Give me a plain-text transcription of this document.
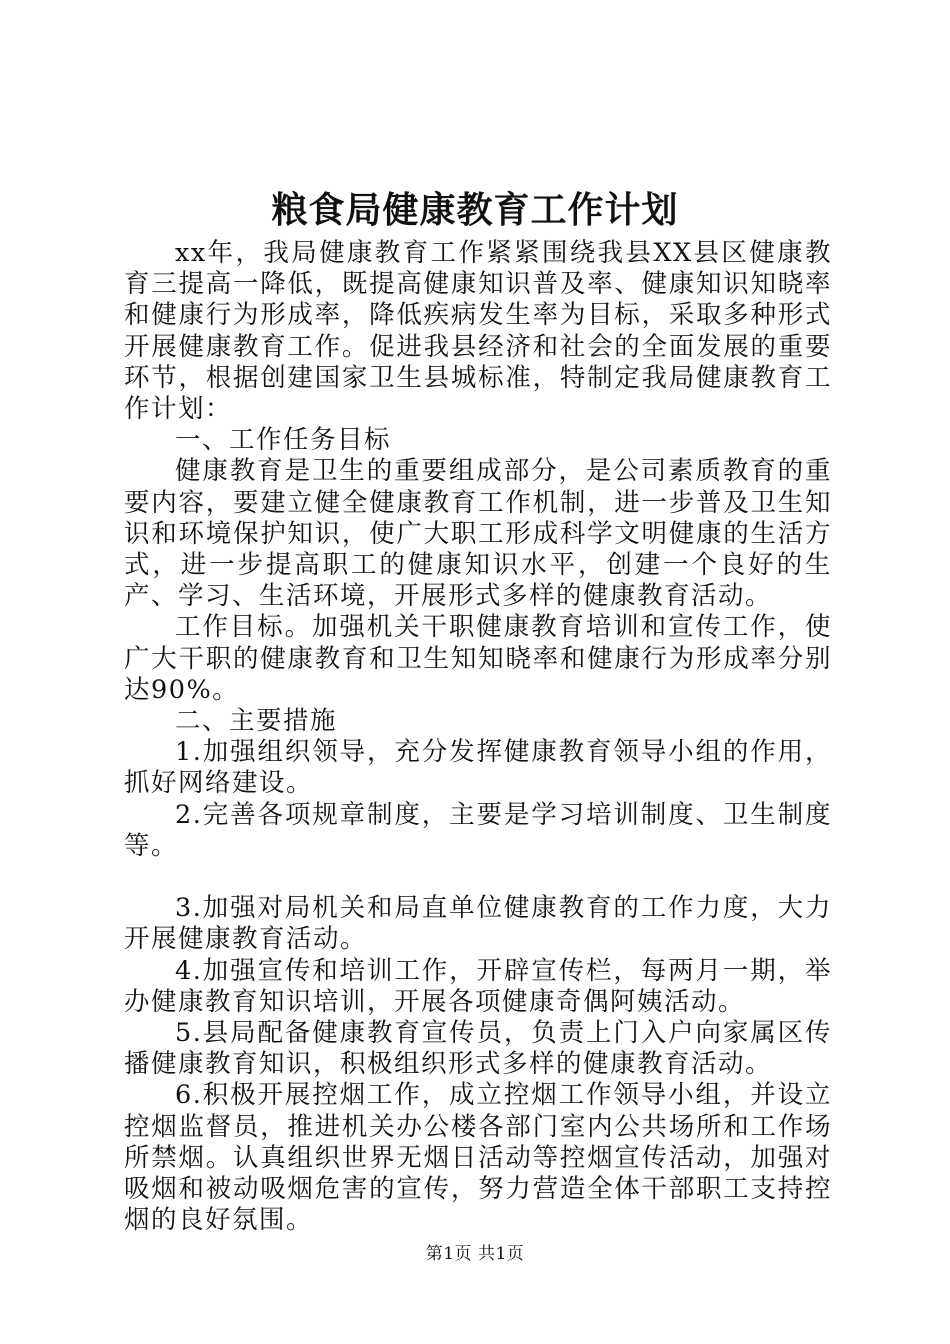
粮食局健康教育工作计划

xx年，我局健康教育工作紧紧围绕我县XX县区健康教育三提高一降低，既提高健康知识普及率、健康知识知晓率和健康行为形成率，降低疾病发生率为目标，采取多种形式开展健康教育工作。促进我县经济和社会的全面发展的重要环节，根据创建国家卫生县城标准，特制定我局健康教育工作计划：

一、工作任务目标

健康教育是卫生的重要组成部分，是公司素质教育的重要内容，要建立健全健康教育工作机制，进一步普及卫生知识和环境保护知识，使广大职工形成科学文明健康的生活方式，进一步提高职工的健康知识水平，创建一个良好的生产、学习、生活环境，开展形式多样的健康教育活动。

工作目标。加强机关干职健康教育培训和宣传工作，使广大干职的健康教育和卫生知知晓率和健康行为形成率分别达90%。

二、主要措施

1.加强组织领导，充分发挥健康教育领导小组的作用，抓好网络建设。

2.完善各项规章制度，主要是学习培训制度、卫生制度等。

3.加强对局机关和局直单位健康教育的工作力度，大力开展健康教育活动。

4.加强宣传和培训工作，开辟宣传栏，每两月一期，举办健康教育知识培训，开展各项健康奇偶阿姨活动。

5.县局配备健康教育宣传员，负责上门入户向家属区传播健康教育知识，积极组织形式多样的健康教育活动。

6.积极开展控烟工作，成立控烟工作领导小组，并设立控烟监督员，推进机关办公楼各部门室内公共场所和工作场所禁烟。认真组织世界无烟日活动等控烟宣传活动，加强对吸烟和被动吸烟危害的宣传，努力营造全体干部职工支持控烟的良好氛围。

第1页 共1页
